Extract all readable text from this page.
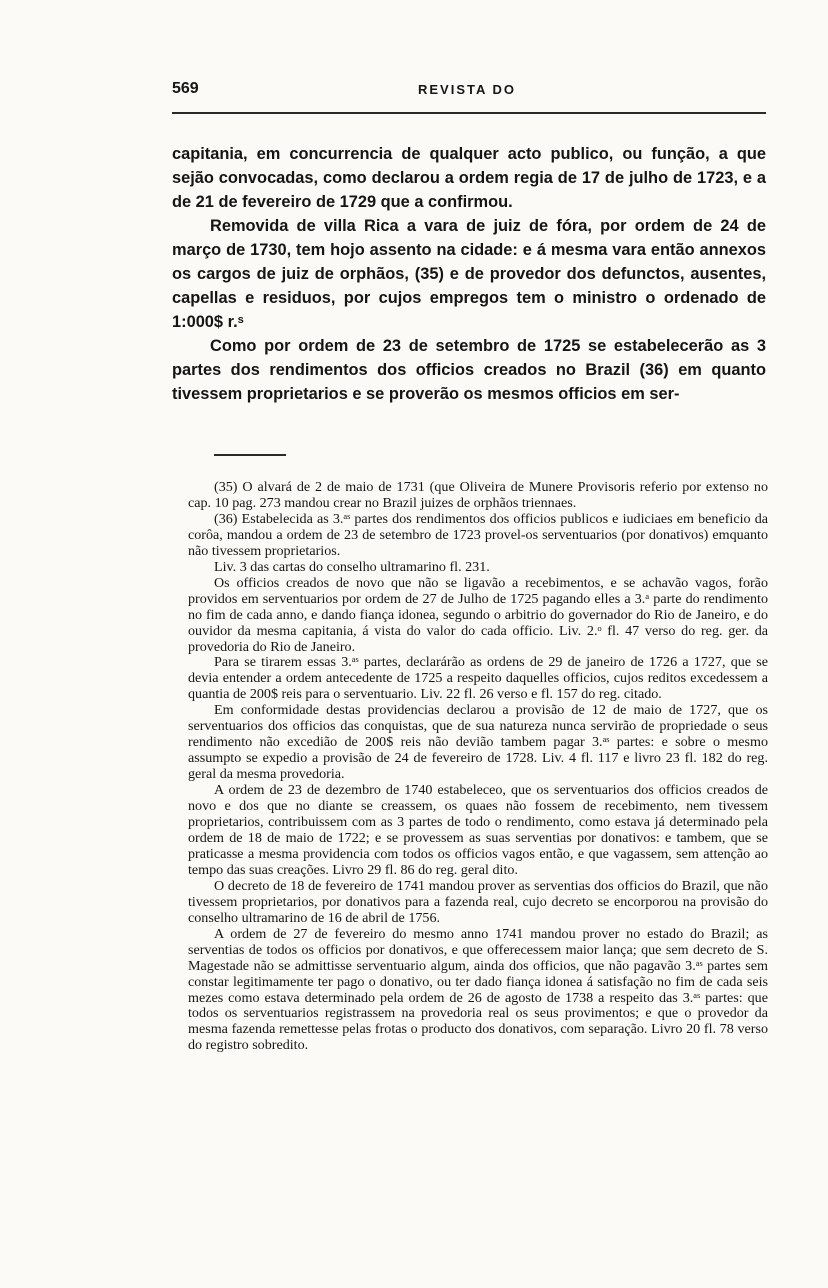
569	REVISTA DO

capitania, em concurrencia de qualquer acto publico, ou função, a que sejão convocadas, como declarou a ordem regia de 17 de julho de 1723, e a de 21 de fevereiro de 1729 que a confirmou.

Removida de villa Rica a vara de juiz de fóra, por ordem de 24 de março de 1730, tem hojo assento na cidade: e á mesma vara então annexos os cargos de juiz de orphãos, (35) e de provedor dos defunctos, ausentes, capellas e residuos, por cujos empregos tem o ministro o ordenado de 1:000$ r.ˢ

Como por ordem de 23 de setembro de 1725 se estabelecerão as 3 partes dos rendimentos dos officios creados no Brazil (36) em quanto tivessem proprietarios e se proverão os mesmos officios em ser-

(35) O alvará de 2 de maio de 1731 (que Oliveira de Munere Provisoris referio por extenso no cap. 10 pag. 273 mandou crear no Brazil juizes de orphãos triennaes.

(36) Estabelecida as 3.ᵃˢ partes dos rendimentos dos officios publicos e iudiciaes em beneficio da corôa, mandou a ordem de 23 de setembro de 1723 provel-os serventuarios (por donativos) emquanto não tivessem proprietarios.

Liv. 3 das cartas do conselho ultramarino fl. 231.

Os officios creados de novo que não se ligavão a recebimentos, e se achavão vagos, forão providos em serventuarios por ordem de 27 de Julho de 1725 pagando elles a 3.ᵃ parte do rendimento no fim de cada anno, e dando fiança idonea, segundo o arbitrio do governador do Rio de Janeiro, e do ouvidor da mesma capitania, á vista do valor do cada officio. Liv. 2.ᵒ fl. 47 verso do reg. ger. da provedoria do Rio de Janeiro.

Para se tirarem essas 3.ᵃˢ partes, declarárão as ordens de 29 de janeiro de 1726 a 1727, que se devia entender a ordem antecedente de 1725 a respeito daquelles officios, cujos reditos excedessem a quantia de 200$ reis para o serventuario. Liv. 22 fl. 26 verso e fl. 157 do reg. citado.

Em conformidade destas providencias declarou a provisão de 12 de maio de 1727, que os serventuarios dos officios das conquistas, que de sua natureza nunca servirão de propriedade o seus rendimento não excedião de 200$ reis não devião tambem pagar 3.ᵃˢ partes: e sobre o mesmo assumpto se expedio a provisão de 24 de fevereiro de 1728. Liv. 4 fl. 117 e livro 23 fl. 182 do reg. geral da mesma provedoria.

A ordem de 23 de dezembro de 1740 estabeleceo, que os serventuarios dos officios creados de novo e dos que no diante se creassem, os quaes não fossem de recebimento, nem tivessem proprietarios, contribuissem com as 3 partes de todo o rendimento, como estava já determinado pela ordem de 18 de maio de 1722; e se provessem as suas serventias por donativos: e tambem, que se praticasse a mesma providencia com todos os officios vagos então, e que vagassem, sem attenção ao tempo das suas creações. Livro 29 fl. 86 do reg. geral dito.

O decreto de 18 de fevereiro de 1741 mandou prover as serventias dos officios do Brazil, que não tivessem proprietarios, por donativos para a fazenda real, cujo decreto se encorporou na provisão do conselho ultramarino de 16 de abril de 1756.

A ordem de 27 de fevereiro do mesmo anno 1741 mandou prover no estado do Brazil; as serventias de todos os officios por donativos, e que offerecessem maior lança; que sem decreto de S. Magestade não se admittisse serventuario algum, ainda dos officios, que não pagavão 3.ᵃˢ partes sem constar legitimamente ter pago o donativo, ou ter dado fiança idonea á satisfação no fim de cada seis mezes como estava determinado pela ordem de 26 de agosto de 1738 a respeito das 3.ᵃˢ partes: que todos os serventuarios registrassem na provedoria real os seus provimentos; e que o provedor da mesma fazenda remettesse pelas frotas o producto dos donativos, com separação. Livro 20 fl. 78 verso do registro sobredito.
